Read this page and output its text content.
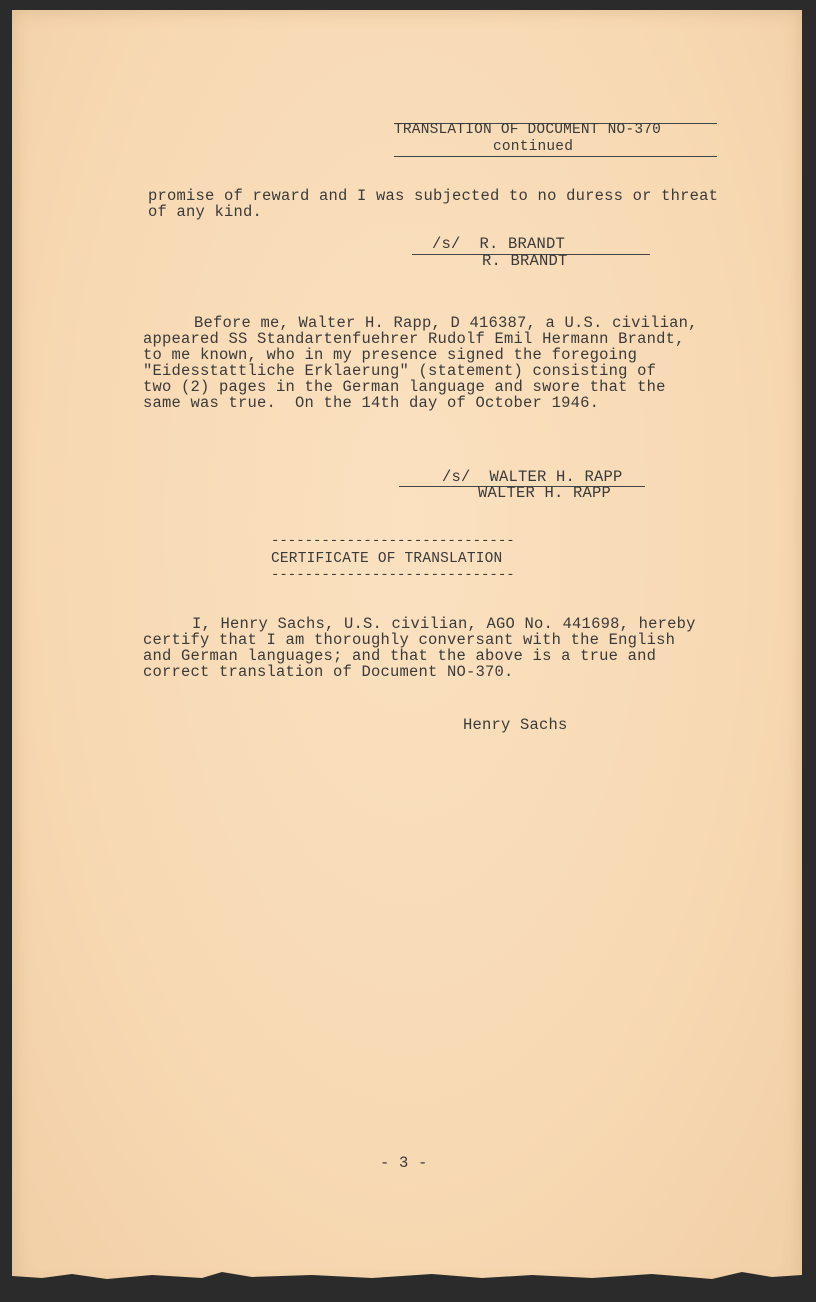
TRANSLATION OF DOCUMENT NO-370
continued
promise of reward and I was subjected to no duress or threat
of any kind.
/s/  R. BRANDT
R. BRANDT
Before me, Walter H. Rapp, D 416387, a U.S. civilian,
appeared SS Standartenfuehrer Rudolf Emil Hermann Brandt,
to me known, who in my presence signed the foregoing
"Eidesstattliche Erklaerung" (statement) consisting of
two (2) pages in the German language and swore that the
same was true.  On the 14th day of October 1946.
/s/  WALTER H. RAPP
WALTER H. RAPP
-----------------------------
CERTIFICATE OF TRANSLATION
-----------------------------
I, Henry Sachs, U.S. civilian, AGO No. 441698, hereby
certify that I am thoroughly conversant with the English
and German languages; and that the above is a true and
correct translation of Document NO-370.
Henry Sachs
- 3 -
